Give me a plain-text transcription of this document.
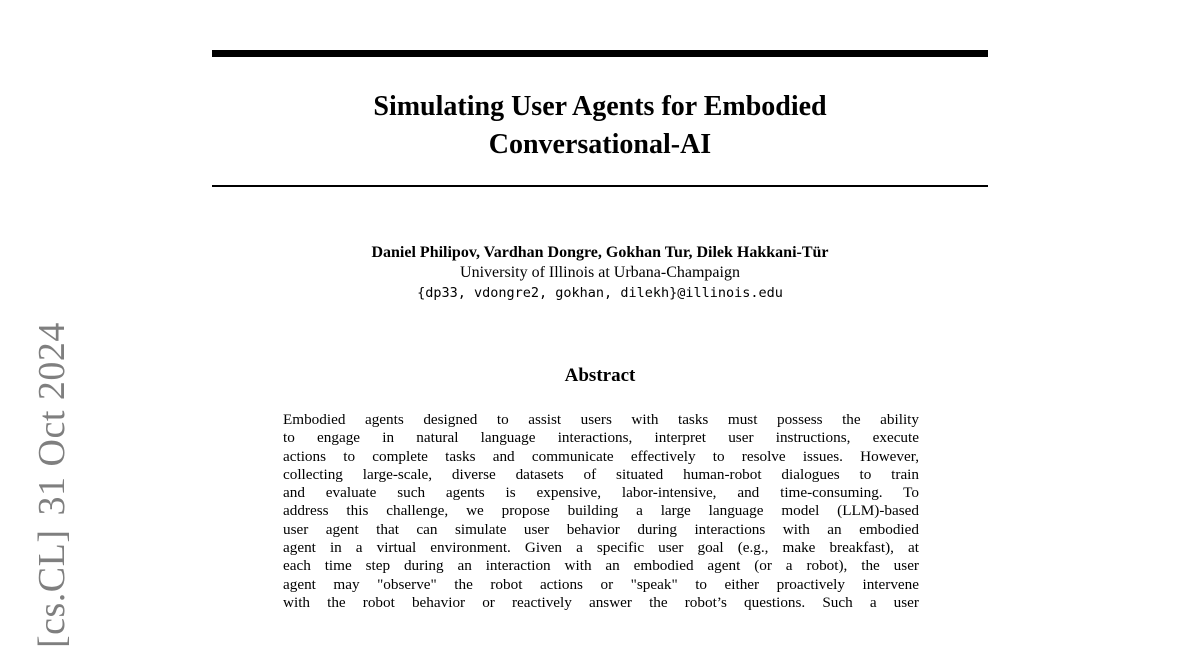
Simulating User Agents for Embodied
Conversational-AI

Daniel Philipov, Vardhan Dongre, Gokhan Tur, Dilek Hakkani-Tür

University of Illinois at Urbana-Champaign

{dp33, vdongre2, gokhan, dilekh}@illinois.edu

Abstract
Embodied agents designed to assist users with tasks must possess the ability
to engage in natural language interactions, interpret user instructions, execute
actions to complete tasks and communicate effectively to resolve issues. However,
collecting large-scale, diverse datasets of situated human-robot dialogues to train
and evaluate such agents is expensive, labor-intensive, and time-consuming. To
address this challenge, we propose building a large language model (LLM)-based
user agent that can simulate user behavior during interactions with an embodied
agent in a virtual environment. Given a specific user goal (e.g., make breakfast), at
each time step during an interaction with an embodied agent (or a robot), the user
agent may "observe" the robot actions or "speak" to either proactively intervene
with the robot behavior or reactively answer the robot’s questions. Such a user
[cs.CL]31 Oct 2024
